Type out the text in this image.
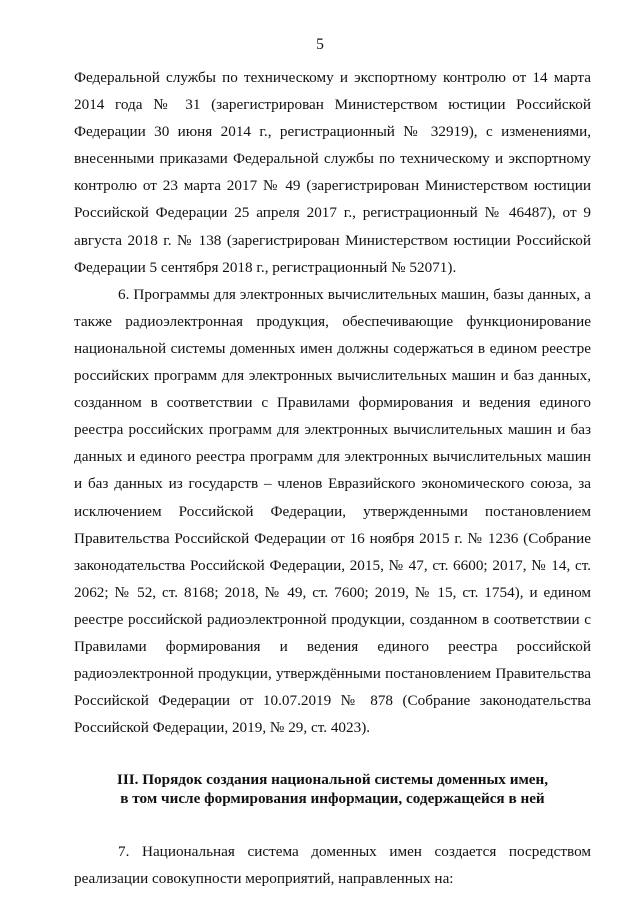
5

Федеральной службы по техническому и экспортному контролю от 14 марта 2014 года № 31 (зарегистрирован Министерством юстиции Российской Федерации 30 июня 2014 г., регистрационный № 32919), с изменениями, внесенными приказами Федеральной службы по техническому и экспортному контролю от 23 марта 2017 № 49 (зарегистрирован Министерством юстиции Российской Федерации 25 апреля 2017 г., регистрационный № 46487), от 9 августа 2018 г. № 138 (зарегистрирован Министерством юстиции Российской Федерации 5 сентября 2018 г., регистрационный № 52071).

6. Программы для электронных вычислительных машин, базы данных, а также радиоэлектронная продукция, обеспечивающие функционирование национальной системы доменных имен должны содержаться в едином реестре российских программ для электронных вычислительных машин и баз данных, созданном в соответствии с Правилами формирования и ведения единого реестра российских программ для электронных вычислительных машин и баз данных и единого реестра программ для электронных вычислительных машин и баз данных из государств – членов Евразийского экономического союза, за исключением Российской Федерации, утвержденными постановлением Правительства Российской Федерации от 16 ноября 2015 г. № 1236 (Собрание законодательства Российской Федерации, 2015, № 47, ст. 6600; 2017, № 14, ст. 2062; № 52, ст. 8168; 2018, № 49, ст. 7600; 2019, № 15, ст. 1754), и едином реестре российской радиоэлектронной продукции, созданном в соответствии с Правилами формирования и ведения единого реестра российской радиоэлектронной продукции, утверждёнными постановлением Правительства Российской Федерации от 10.07.2019 № 878 (Собрание законодательства Российской Федерации, 2019, № 29, ст. 4023).

III. Порядок создания национальной системы доменных имен,
в том числе формирования информации, содержащейся в ней

7. Национальная система доменных имен создается посредством реализации совокупности мероприятий, направленных на:
